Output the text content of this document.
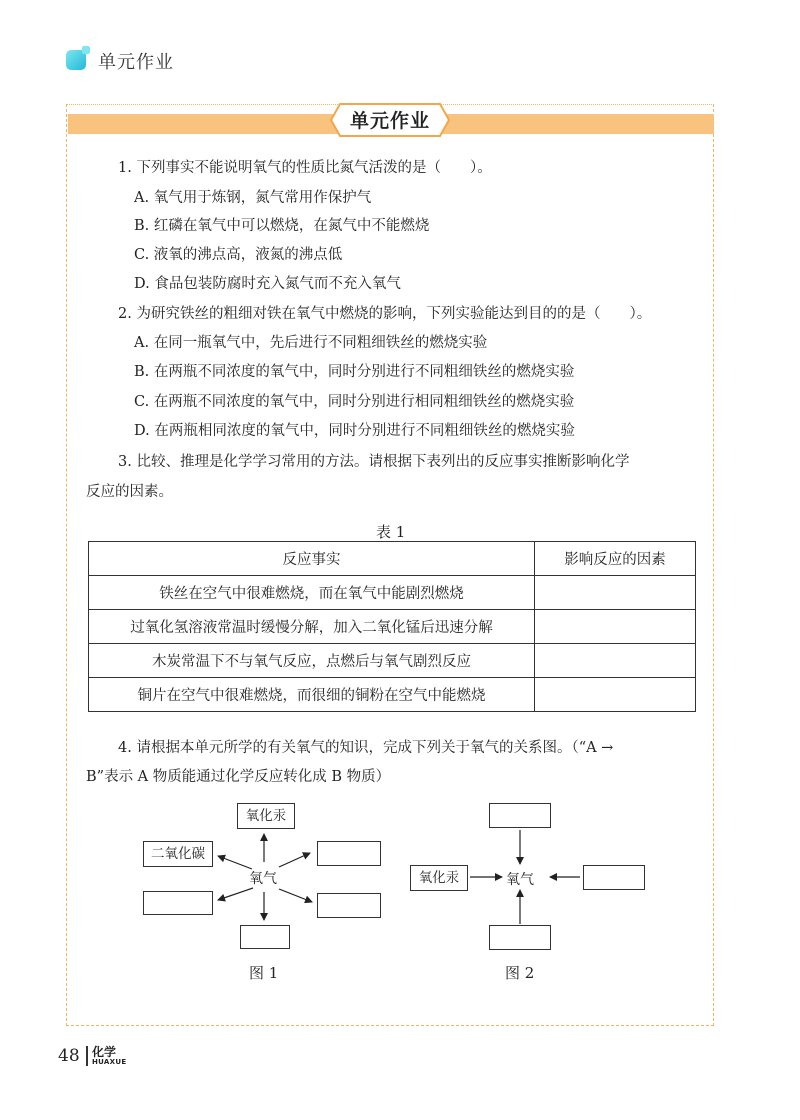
单元作业
单元作业
1. 下列事实不能说明氧气的性质比氮气活泼的是（　　）。
A. 氧气用于炼钢，氮气常用作保护气
B. 红磷在氧气中可以燃烧，在氮气中不能燃烧
C. 液氧的沸点高，液氮的沸点低
D. 食品包装防腐时充入氮气而不充入氧气
2. 为研究铁丝的粗细对铁在氧气中燃烧的影响，下列实验能达到目的的是（　　）。
A. 在同一瓶氧气中，先后进行不同粗细铁丝的燃烧实验
B. 在两瓶不同浓度的氧气中，同时分别进行不同粗细铁丝的燃烧实验
C. 在两瓶不同浓度的氧气中，同时分别进行相同粗细铁丝的燃烧实验
D. 在两瓶相同浓度的氧气中，同时分别进行不同粗细铁丝的燃烧实验
3. 比较、推理是化学学习常用的方法。请根据下表列出的反应事实推断影响化学
反应的因素。
表 1
反应事实	影响反应的因素
铁丝在空气中很难燃烧，而在氧气中能剧烈燃烧	
过氧化氢溶液常温时缓慢分解，加入二氧化锰后迅速分解	
木炭常温下不与氧气反应，点燃后与氧气剧烈反应	
铜片在空气中很难燃烧，而很细的铜粉在空气中能燃烧	
4. 请根据本单元所学的有关氧气的知识，完成下列关于氧气的关系图。（“A →
B”表示 A 物质能通过化学反应转化成 B 物质）
氧化汞
二氧化碳
氧气
图 1
氧化汞	氧气
图 2
48 化学
HUAXUE
